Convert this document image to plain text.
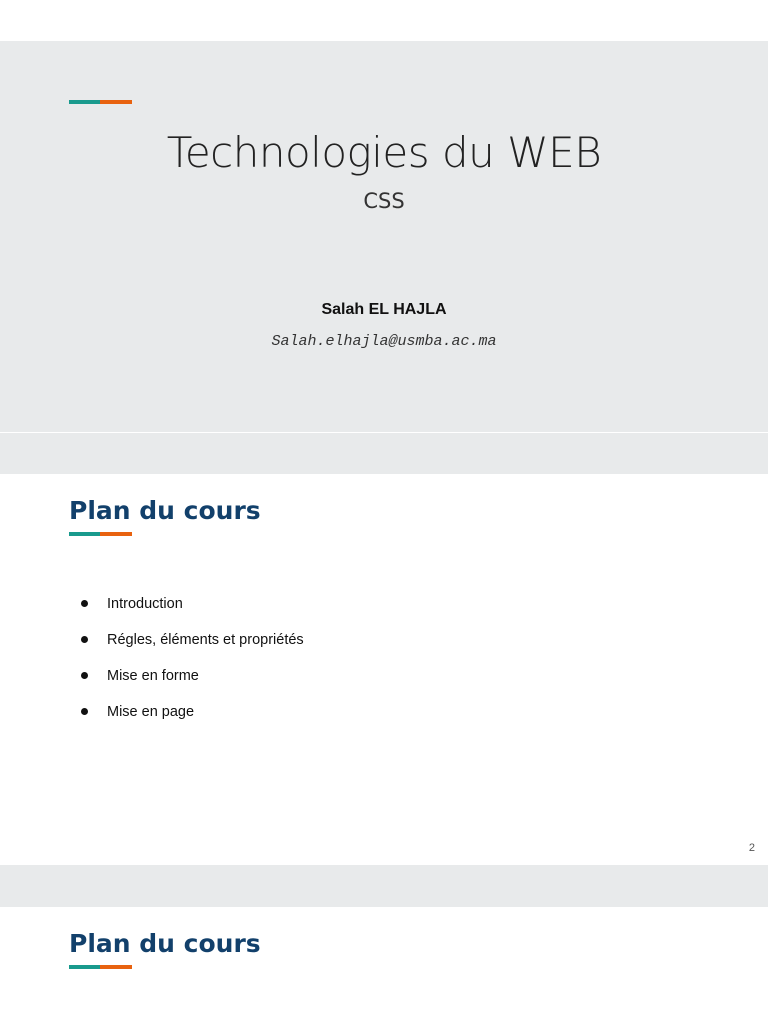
Technologies du WEB
CSS
Salah EL HAJLA
Salah.elhajla@usmba.ac.ma
Plan du cours
Introduction
Régles, éléments et propriétés
Mise en forme
Mise en page
2
Plan du cours
